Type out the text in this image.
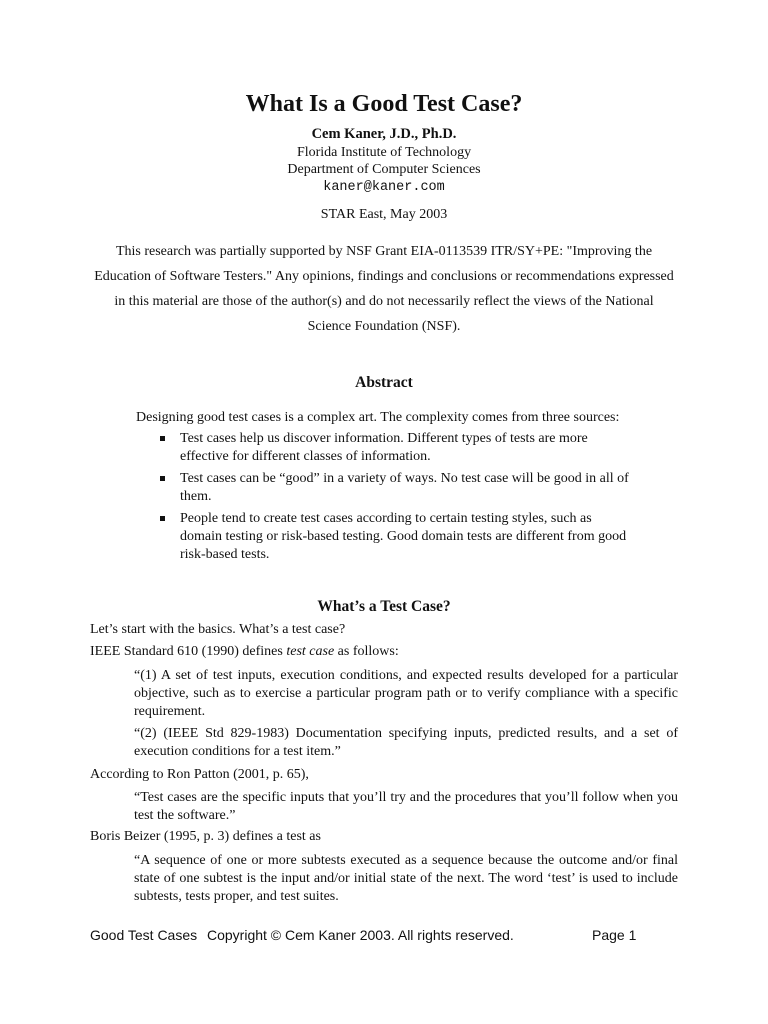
What Is a Good Test Case?
Cem Kaner, J.D., Ph.D.
Florida Institute of Technology
Department of Computer Sciences
kaner@kaner.com
STAR East, May 2003
This research was partially supported by NSF Grant EIA-0113539 ITR/SY+PE: "Improving the Education of Software Testers." Any opinions, findings and conclusions or recommendations expressed in this material are those of the author(s) and do not necessarily reflect the views of the National Science Foundation (NSF).
Abstract

Designing good test cases is a complex art. The complexity comes from three sources:

Test cases help us discover information. Different types of tests are more effective for different classes of information.
Test cases can be “good” in a variety of ways. No test case will be good in all of them.
People tend to create test cases according to certain testing styles, such as domain testing or risk-based testing. Good domain tests are different from good risk-based tests.
What’s a Test Case?
Let’s start with the basics. What’s a test case?
IEEE Standard 610 (1990) defines test case as follows:

“(1) A set of test inputs, execution conditions, and expected results developed for a particular objective, such as to exercise a particular program path or to verify compliance with a specific requirement.

“(2) (IEEE Std 829-1983) Documentation specifying inputs, predicted results, and a set of execution conditions for a test item.”

According to Ron Patton (2001, p. 65),

“Test cases are the specific inputs that you’ll try and the procedures that you’ll follow when you test the software.”

Boris Beizer (1995, p. 3) defines a test as

“A sequence of one or more subtests executed as a sequence because the outcome and/or final state of one subtest is the input and/or initial state of the next. The word ‘test’ is used to include subtests, tests proper, and test suites.

Good Test Cases Copyright © Cem Kaner 2003. All rights reserved.	Page 1
